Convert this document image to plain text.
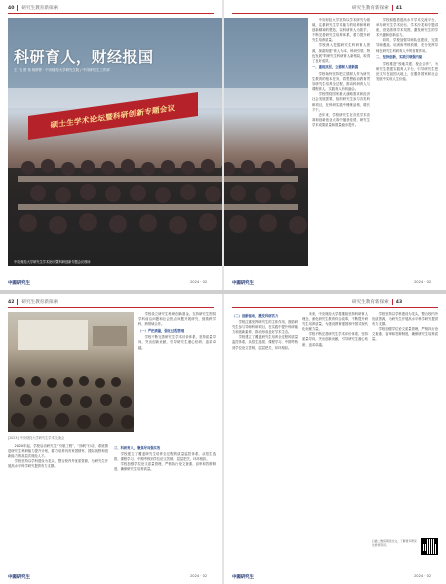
40 研究生教育新探索	研究生教育新探索 41
硕士生学术论坛暨科研创新专题会议
科研育人，财经报国
王 飞 蔡 伟 杨舒婷 · 中央财经大学研究生院 / 中共研究生工作部
中央财经大学研究生学术论坛暨科研创新专题会议现场

中央财经大学坚持以学术研究为基础，注重研究生学术能力的培养和科研创新精神的塑造，以科研育人为抓手，不断完善研究生培养体系，着力提升研究生培养质量。

学校深入挖掘研究生科研育人资源，探索构建“育人为本、科研引领、特色发展”的研究生科研育人新格局，取得了良好成效。

一、重视顶层，立德树人谱新篇

学校始终坚持把立德树人作为研究生教育的根本任务，将思想政治教育贯穿研究生培养全过程，推动科研育人与课程育人、实践育人有机融合。

学校围绕国家重大战略需求和经济社会发展需要，组织研究生参与各类科研项目，在科研实践中锤炼品格、增长才干。

近年来，学校研究生在各类学术竞赛和创新创业大赛中屡获佳绩，研究生学术成果质量和数量稳步提升。

学校积极搭建高水平学术交流平台，举办研究生学术论坛、学术沙龙和专题讲座，营造浓厚学术氛围，激发研究生的学术兴趣和创新活力。

同时，学校加强导师队伍建设，完善导师遴选、培训和考核机制，充分发挥导师在研究生科研育人中的首要作用。

二、坚持创新，实践引领强内驱

学校推进“校地共建、校企合作”，为研究生搭建实践育人平台，引导研究生把论文写在祖国大地上，在服务国家和社会发展中实现人生价值。

中國研究生	2024 · 02	中國研究生	2024 · 02
42 研究生教育新探索	研究生教育新探索 43
[2023] 中央财经大学研究生学术交流会

学校设立研究生科研创新基金，支持研究生围绕学科前沿问题和社会热点问题开展研究，鼓励跨学科、跨领域合作。

（一）严把质量，强化过程管理

学校不断完善研究生学术评价体系，坚持质量导向，突出创新贡献，引导研究生潜心钻研、追求卓越。

2020年起，学校启动研究生“引航工程”、“扬帆”行动，系统推进研究生科研能力提升计划，着力培养具有家国情怀、国际视野和创新能力的高层次财经人才。

学校坚持以学科建设为龙头，整合校内外优质资源，为研究生开展高水平科学研究提供有力支撑。

三、科研育人，聚焦导向强实效

学校建立了覆盖研究生培养全过程的质量监控体系，从招生选拔、课程学习、中期考核到学位论文答辩，层层把关、环环相扣。

学校加强学位论文质量管理，严格执行论文查重、盲审和答辩制度，确保研究生培养质量。

（二）创新驱动，激发科研活力

学校注重发挥研究生的主体作用，鼓励研究生参与导师科研项目，在实践中提升科研能力和创新素养，推动形成良好学术生态。

学校建立了覆盖研究生培养全过程的质量监控体系，从招生选拔、课程学习、中期考核到学位论文答辩，层层把关、环环相扣。

未来，中央财经大学将继续坚持科研育人理念，深化研究生教育综合改革，不断提升研究生培养质量，为建设教育强国和中国式现代化贡献力量。

学校不断完善研究生学术评价体系，坚持质量导向，突出创新贡献，引导研究生潜心钻研、追求卓越。

学校坚持以学科建设为龙头，整合校内外优质资源，为研究生开展高水平科学研究提供有力支撑。

学校加强学位论文质量管理，严格执行论文查重、盲审和答辩制度，确保研究生培养质量。

扫描二维码阅读全文，了解更多研究生教育资讯。
中國研究生	2024 · 02	中國研究生	2024 · 02
